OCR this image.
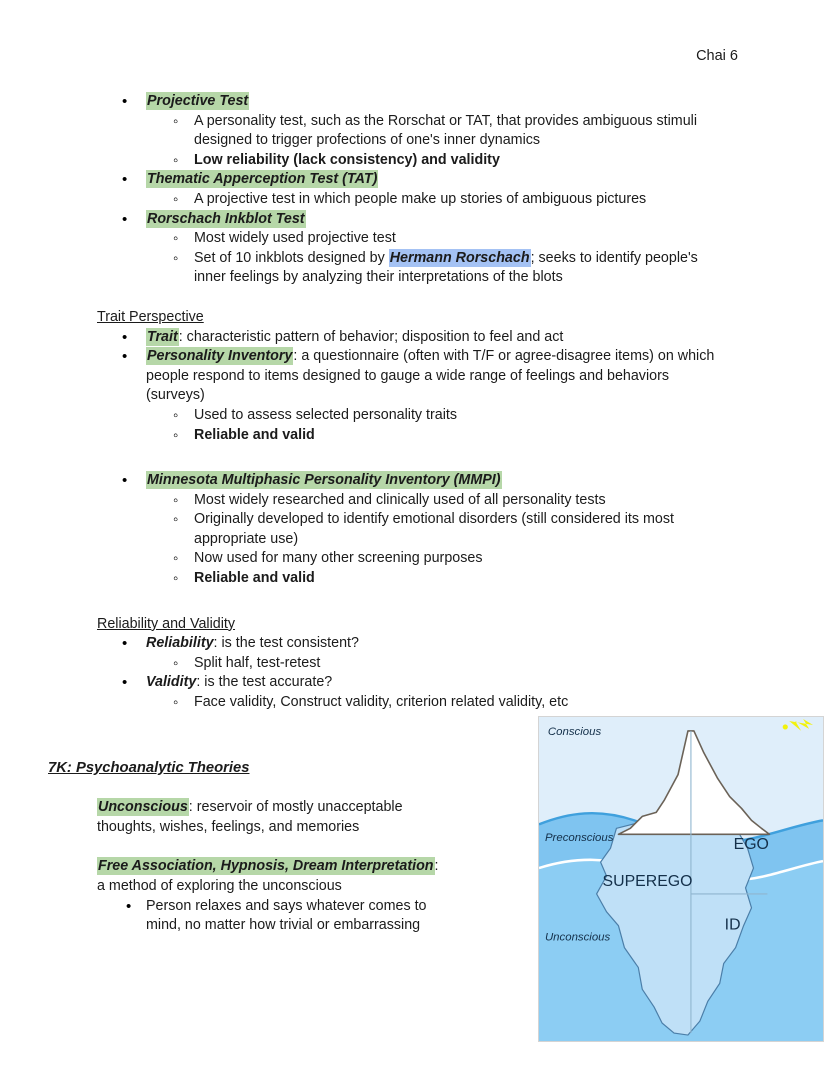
Chai 6
•
Projective Test
◦
A personality test, such as the Rorschat or TAT, that provides ambiguous stimuli designed to trigger profections of one's inner dynamics
◦
Low reliability (lack consistency) and validity
•
Thematic Apperception Test (TAT)
◦
A projective test in which people make up stories of ambiguous pictures
•
Rorschach Inkblot Test
◦
Most widely used projective test
◦
Set of 10 inkblots designed by Hermann Rorschach; seeks to identify people's inner feelings by analyzing their interpretations of the blots
Trait Perspective
•
Trait: characteristic pattern of behavior; disposition to feel and act
•
Personality Inventory: a questionnaire (often with T/F or agree-disagree items) on which people respond to items designed to gauge a wide range of feelings and behaviors (surveys)
◦
Used to assess selected personality traits
◦
Reliable and valid
•
Minnesota Multiphasic Personality Inventory (MMPI)
◦
Most widely researched and clinically used of all personality tests
◦
Originally developed to identify emotional disorders (still considered its most appropriate use)
◦
Now used for many other screening purposes
◦
Reliable and valid
Reliability and Validity
•
Reliability: is the test consistent?
◦
Split half, test-retest
•
Validity: is the test accurate?
◦
Face validity, Construct validity, criterion related validity, etc
7K: Psychoanalytic Theories
Unconscious: reservoir of mostly unacceptable thoughts, wishes, feelings, and memories
Free Association, Hypnosis, Dream Interpretation: a method of exploring the unconscious
•
Person relaxes and says whatever comes to mind, no matter how trivial or embarrassing
Conscious
Preconscious
Unconscious
EGO
SUPEREGO
ID
